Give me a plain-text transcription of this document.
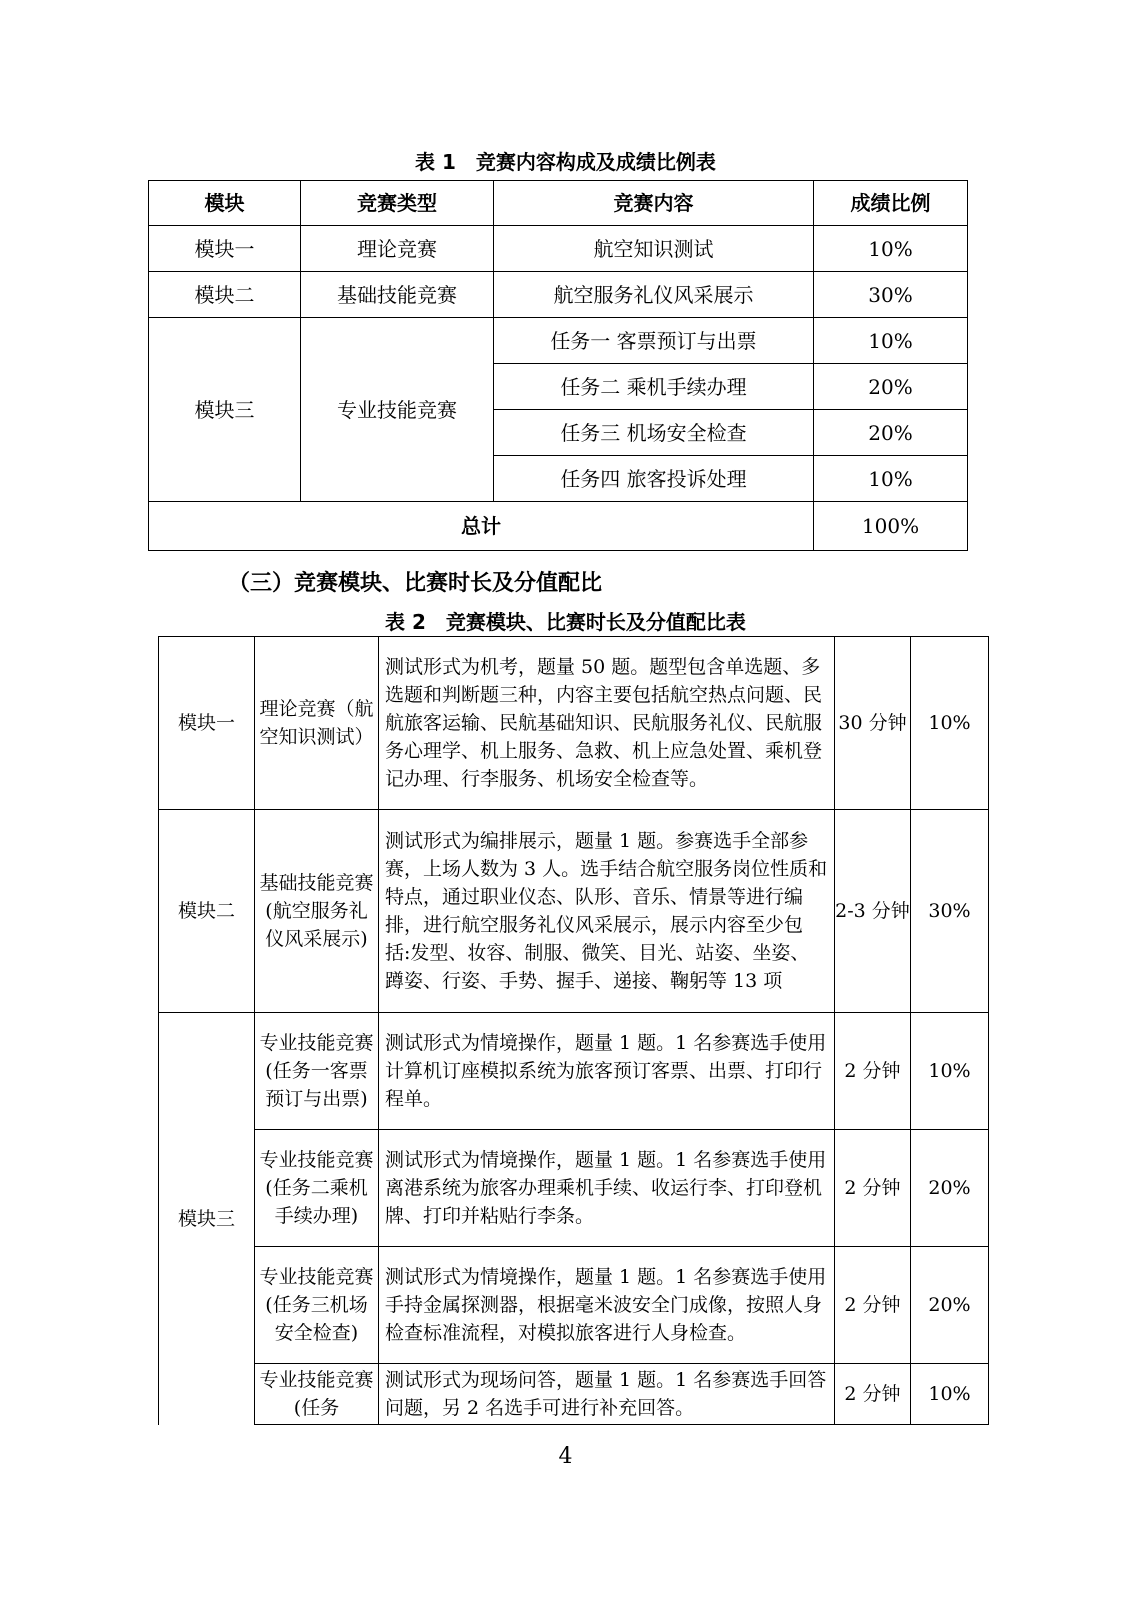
表 1　竞赛内容构成及成绩比例表
模块	竞赛类型	竞赛内容	成绩比例
模块一	理论竞赛	航空知识测试	10%
模块二	基础技能竞赛	航空服务礼仪风采展示	30%
模块三	专业技能竞赛	任务一 客票预订与出票	10%
		任务二 乘机手续办理	20%
		任务三 机场安全检查	20%
		任务四 旅客投诉处理	10%
总计			100%
（三）竞赛模块、比赛时长及分值配比
表 2　竞赛模块、比赛时长及分值配比表
模块一	理论竞赛（航空知识测试）	测试形式为机考，题量 50 题。题型包含单选题、多选题和判断题三种，内容主要包括航空热点问题、民航旅客运输、民航基础知识、民航服务礼仪、民航服务心理学、机上服务、急救、机上应急处置、乘机登记办理、行李服务、机场安全检查等。	30 分钟	10%
模块二	基础技能竞赛(航空服务礼仪风采展示)	测试形式为编排展示，题量 1 题。参赛选手全部参赛，上场人数为 3 人。选手结合航空服务岗位性质和特点，通过职业仪态、队形、音乐、情景等进行编排，进行航空服务礼仪风采展示，展示内容至少包括:发型、妆容、制服、微笑、目光、站姿、坐姿、蹲姿、行姿、手势、握手、递接、鞠躬等 13 项	2-3 分钟	30%
模块三	专业技能竞赛(任务一客票预订与出票)	测试形式为情境操作，题量 1 题。1 名参赛选手使用计算机订座模拟系统为旅客预订客票、出票、打印行程单。	2 分钟	10%
	专业技能竞赛(任务二乘机手续办理)	测试形式为情境操作，题量 1 题。1 名参赛选手使用离港系统为旅客办理乘机手续、收运行李、打印登机牌、打印并粘贴行李条。	2 分钟	20%
	专业技能竞赛(任务三机场安全检查)	测试形式为情境操作，题量 1 题。1 名参赛选手使用手持金属探测器，根据毫米波安全门成像，按照人身检查标准流程，对模拟旅客进行人身检查。	2 分钟	20%
	专业技能竞赛(任务	测试形式为现场问答，题量 1 题。1 名参赛选手回答问题，另 2 名选手可进行补充回答。	2 分钟	10%
4
